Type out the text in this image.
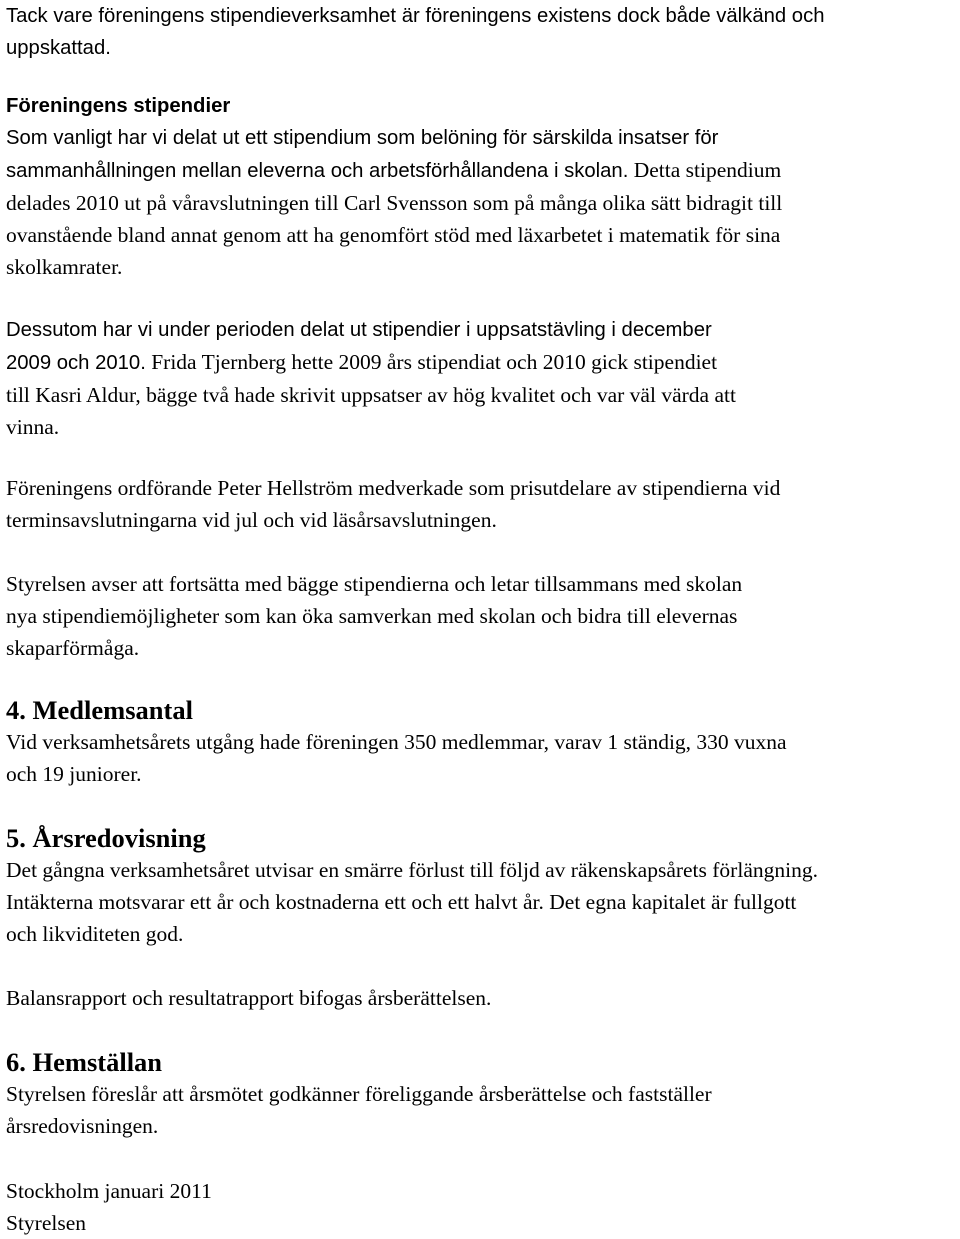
Tack vare föreningens stipendieverksamhet är föreningens existens dock både välkänd och
uppskattad.
Föreningens stipendier
Som vanligt har vi delat ut ett stipendium som belöning för särskilda insatser för
sammanhållningen mellan eleverna och arbetsförhållandena i skolan. Detta stipendium
delades 2010 ut på våravslutningen till Carl Svensson som på många olika sätt bidragit till
ovanstående bland annat genom att ha genomfört stöd med läxarbetet i matematik för sina
skolkamrater.
Dessutom har vi under perioden delat ut stipendier i uppsatstävling i december
2009 och 2010. Frida Tjernberg hette 2009 års stipendiat och 2010 gick stipendiet
till Kasri Aldur, bägge två hade skrivit uppsatser av hög kvalitet och var väl värda att
vinna.
Föreningens ordförande Peter Hellström medverkade som prisutdelare av stipendierna vid
terminsavslutningarna vid jul och vid läsårsavslutningen.
Styrelsen avser att fortsätta med bägge stipendierna och letar tillsammans med skolan
nya stipendiemöjligheter som kan öka samverkan med skolan och bidra till elevernas
skaparförmåga.
4. Medlemsantal
Vid verksamhetsårets utgång hade föreningen 350 medlemmar, varav 1 ständig, 330 vuxna
och 19 juniorer.
5. Årsredovisning
Det gångna verksamhetsåret utvisar en smärre förlust till följd av räkenskapsårets förlängning.
Intäkterna motsvarar ett år och kostnaderna ett och ett halvt år. Det egna kapitalet är fullgott
och likviditeten god.
Balansrapport och resultatrapport bifogas årsberättelsen.
6. Hemställan
Styrelsen föreslår att årsmötet godkänner föreliggande årsberättelse och fastställer
årsredovisningen.
Stockholm januari 2011
Styrelsen
